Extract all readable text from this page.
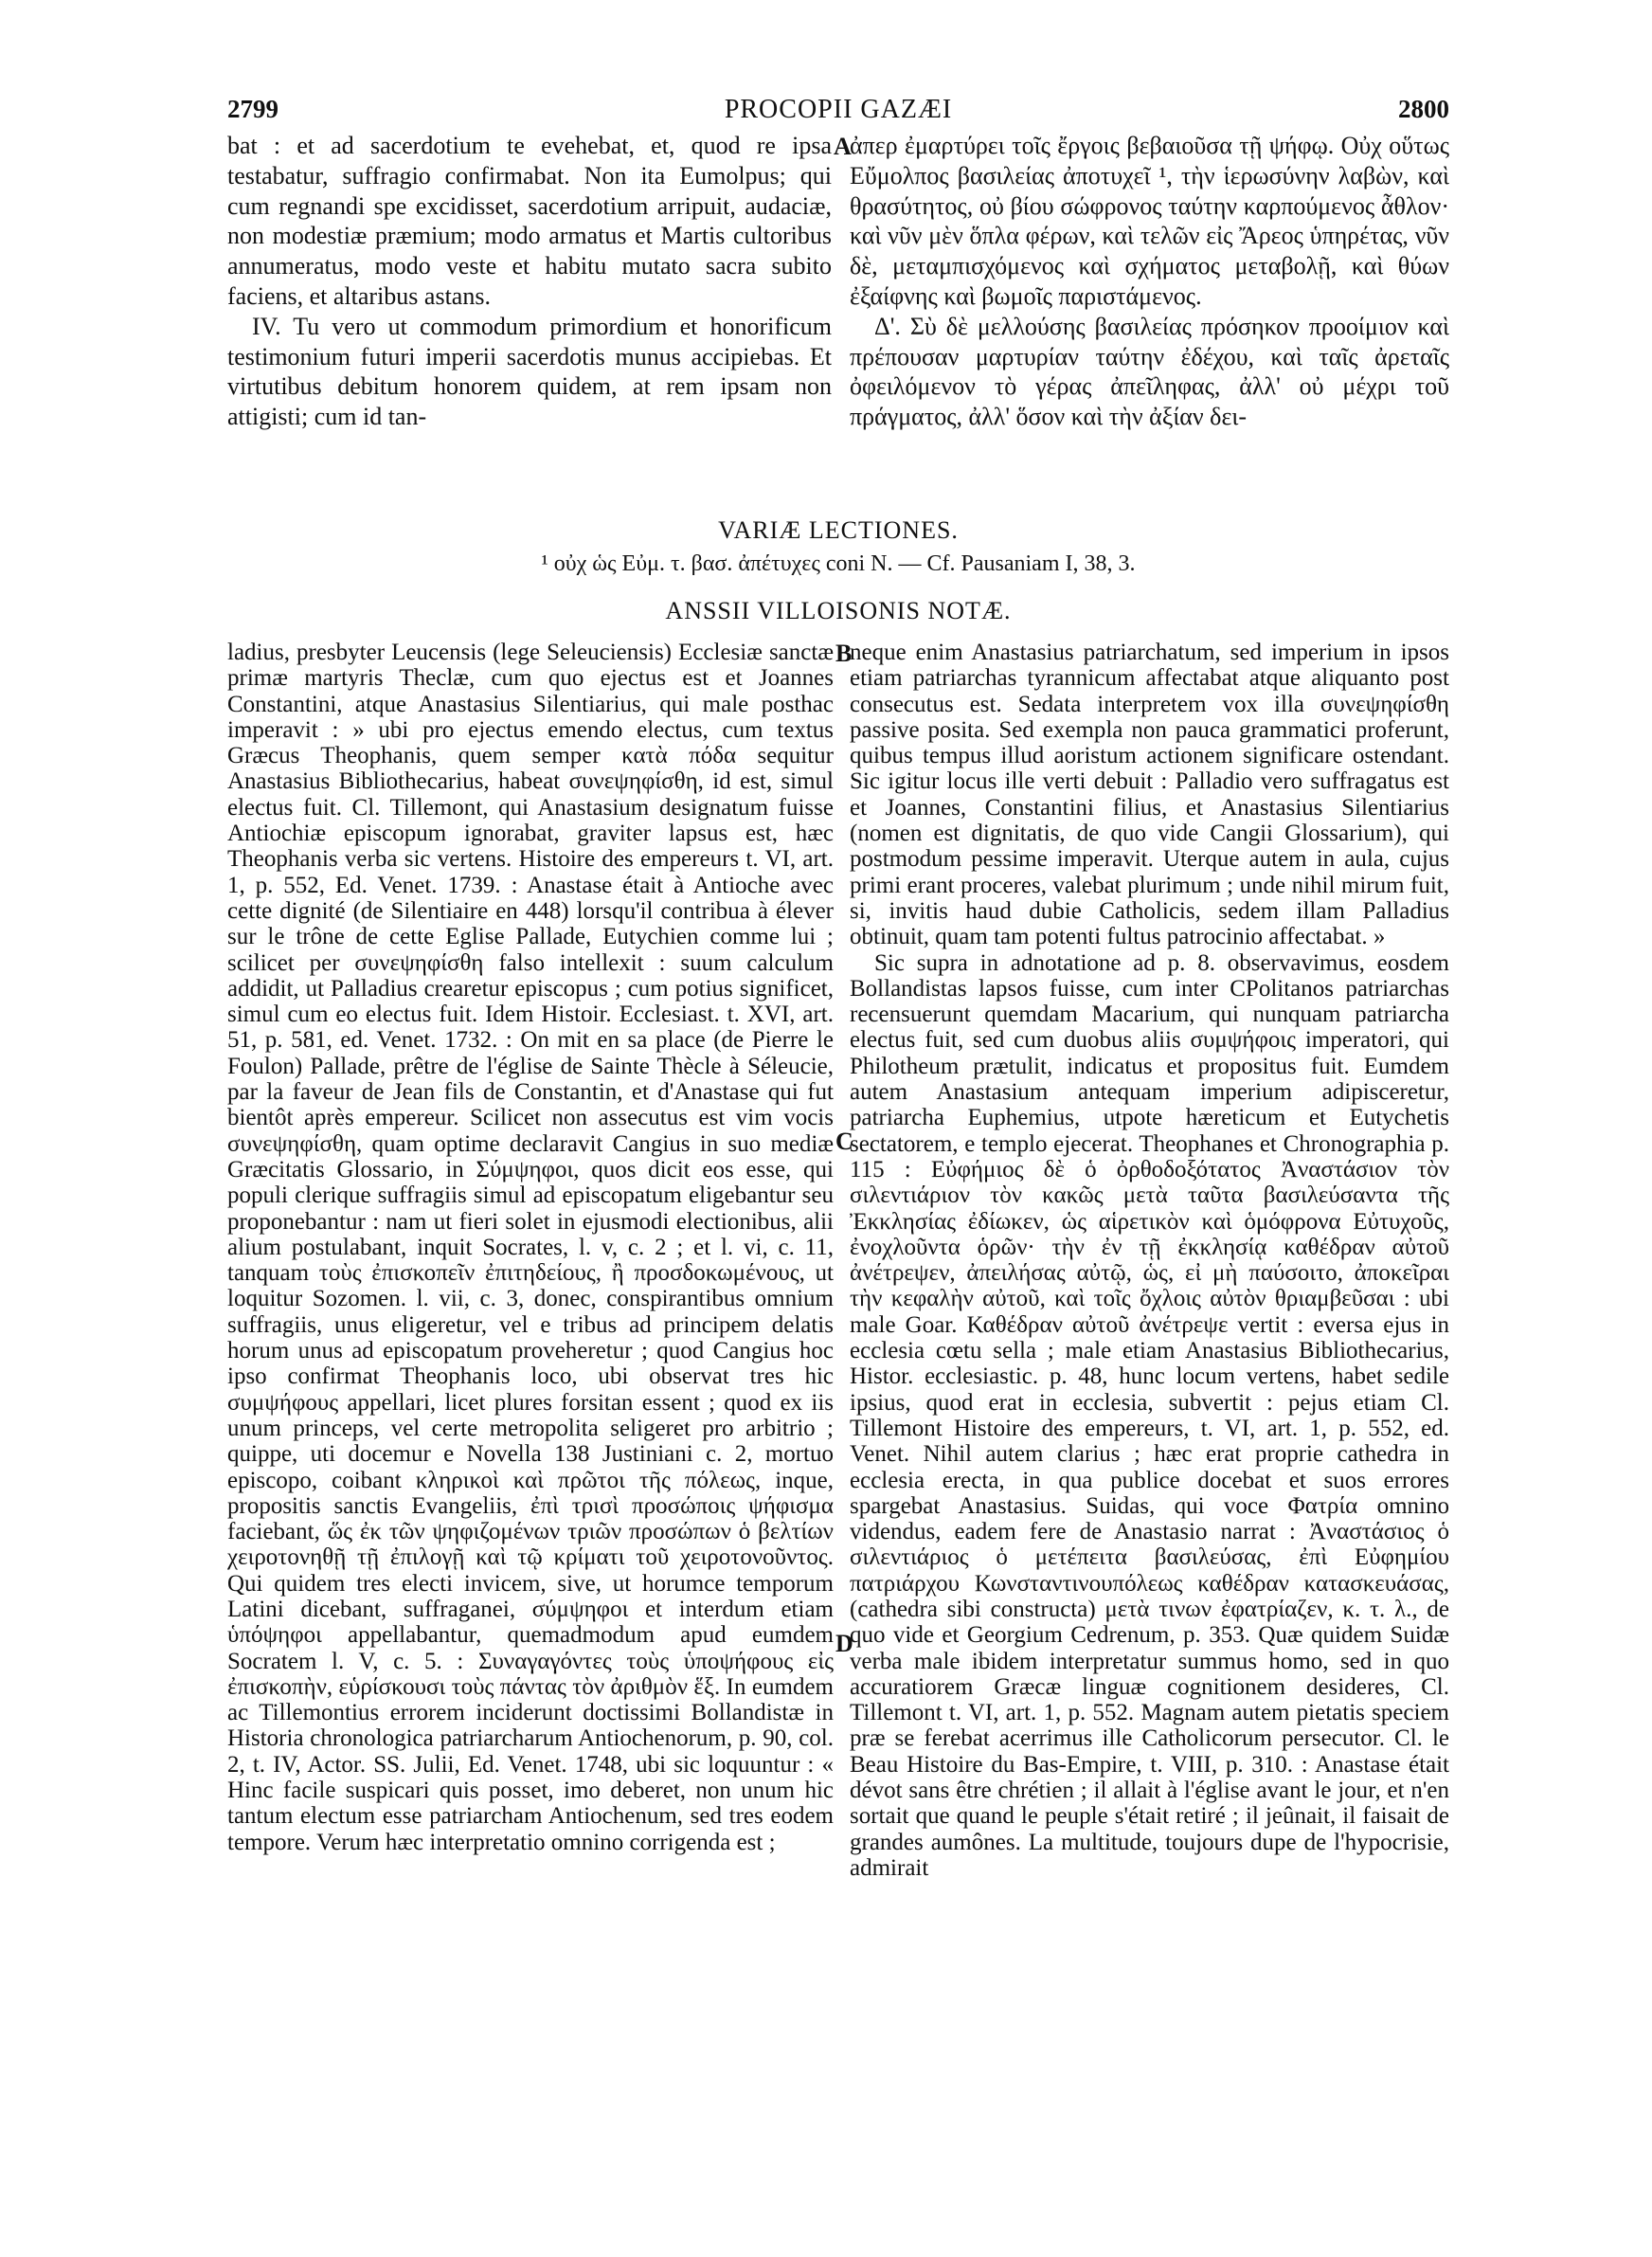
2799	PROCOPII GAZÆI	2800

bat : et ad sacerdotium te evehebat, et, quod re ipsa testabatur, suffragio confirmabat. Non ita Eumolpus; qui cum regnandi spe excidisset, sacerdotium arripuit, audaciæ, non modestiæ præmium; modo armatus et Martis cultoribus annumeratus, modo veste et habitu mutato sacra subito faciens, et altaribus astans.

IV. Tu vero ut commodum primordium et honorificum testimonium futuri imperii sacerdotis munus accipiebas. Et virtutibus debitum honorem quidem, at rem ipsam non attigisti; cum id tan-

ἀπερ ἐμαρτύρει τοῖς ἔργοις βεβαιοῦσα τῇ ψήφῳ. Οὐχ οὕτως Εὔμολπος βασιλείας ἀποτυχεῖ ¹, τὴν ἱερωσύνην λαβὼν, καὶ θρασύτητος, οὐ βίου σώφρονος ταύτην καρπούμενος ἆθλον· καὶ νῦν μὲν ὅπλα φέρων, καὶ τελῶν εἰς Ἄρεος ὑπηρέτας, νῦν δὲ, μεταμπισχόμενος καὶ σχήματος μεταβολῇ, καὶ θύων ἐξαίφνης καὶ βωμοῖς παριστάμενος.

Δ'. Σὺ δὲ μελλούσης βασιλείας πρόσηκον προοίμιον καὶ πρέπουσαν μαρτυρίαν ταύτην ἐδέχου, καὶ ταῖς ἀρεταῖς ὀφειλόμενον τὸ γέρας ἀπεῖληφας, ἀλλ' οὐ μέχρι τοῦ πράγματος, ἀλλ' ὅσον καὶ τὴν ἀξίαν δει-

A
VARIÆ LECTIONES.
¹ οὐχ ὡς Εὐμ. τ. βασ. ἀπέτυχες coni N. — Cf. Pausaniam I, 38, 3.
ANSSII VILLOISONIS NOTÆ.

ladius, presbyter Leucensis (lege Seleuciensis) Ecclesiæ sanctæ primæ martyris Theclæ, cum quo ejectus est et Joannes Constantini, atque Anastasius Silentiarius, qui male posthac imperavit : » ubi pro ejectus emendo electus, cum textus Græcus Theophanis, quem semper κατὰ πόδα sequitur Anastasius Bibliothecarius, habeat συνεψηφίσθη, id est, simul electus fuit. Cl. Tillemont, qui Anastasium designatum fuisse Antiochiæ episcopum ignorabat, graviter lapsus est, hæc Theophanis verba sic vertens. Histoire des empereurs t. VI, art. 1, p. 552, Ed. Venet. 1739. : Anastase était à Antioche avec cette dignité (de Silentiaire en 448) lorsqu'il contribua à élever sur le trône de cette Eglise Pallade, Eutychien comme lui ; scilicet per συνεψηφίσθη falso intellexit : suum calculum addidit, ut Palladius crearetur episcopus ; cum potius significet, simul cum eo electus fuit. Idem Histoir. Ecclesiast. t. XVI, art. 51, p. 581, ed. Venet. 1732. : On mit en sa place (de Pierre le Foulon) Pallade, prêtre de l'église de Sainte Thècle à Séleucie, par la faveur de Jean fils de Constantin, et d'Anastase qui fut bientôt après empereur. Scilicet non assecutus est vim vocis συνεψηφίσθη, quam optime declaravit Cangius in suo mediæ Græcitatis Glossario, in Σύμψηφοι, quos dicit eos esse, qui populi clerique suffragiis simul ad episcopatum eligebantur seu proponebantur : nam ut fieri solet in ejusmodi electionibus, alii alium postulabant, inquit Socrates, l. v, c. 2 ; et l. vi, c. 11, tanquam τοὺς ἐπισκοπεῖν ἐπιτηδείους, ἢ προσδοκωμένους, ut loquitur Sozomen. l. vii, c. 3, donec, conspirantibus omnium suffragiis, unus eligeretur, vel e tribus ad principem delatis horum unus ad episcopatum proveheretur ; quod Cangius hoc ipso confirmat Theophanis loco, ubi observat tres hic συμψήφους appellari, licet plures forsitan essent ; quod ex iis unum princeps, vel certe metropolita seligeret pro arbitrio ; quippe, uti docemur e Novella 138 Justiniani c. 2, mortuo episcopo, coibant κληρικοὶ καὶ πρῶτοι τῆς πόλεως, inque, propositis sanctis Evangeliis, ἐπὶ τρισὶ προσώποις ψήφισμα faciebant, ὥς ἐκ τῶν ψηφιζομένων τριῶν προσώπων ὁ βελτίων χειροτονηθῇ τῇ ἐπιλογῇ καὶ τῷ κρίματι τοῦ χειροτονοῦντος. Qui quidem tres electi invicem, sive, ut horumce temporum Latini dicebant, suffraganei, σύμψηφοι et interdum etiam ὑπόψηφοι appellabantur, quemadmodum apud eumdem Socratem l. V, c. 5. : Συναγαγόντες τοὺς ὑποψήφους εἰς ἐπισκοπὴν, εὑρίσκουσι τοὺς πάντας τὸν ἀριθμὸν ἕξ. In eumdem ac Tillemontius errorem inciderunt doctissimi Bollandistæ in Historia chronologica patriarcharum Antiochenorum, p. 90, col. 2, t. IV, Actor. SS. Julii, Ed. Venet. 1748, ubi sic loquuntur : « Hinc facile suspicari quis posset, imo deberet, non unum hic tantum electum esse patriarcham Antiochenum, sed tres eodem tempore. Verum hæc interpretatio omnino corrigenda est ;

neque enim Anastasius patriarchatum, sed imperium in ipsos etiam patriarchas tyrannicum affectabat atque aliquanto post consecutus est. Sedata interpretem vox illa συνεψηφίσθη passive posita. Sed exempla non pauca grammatici proferunt, quibus tempus illud aoristum actionem significare ostendant. Sic igitur locus ille verti debuit : Palladio vero suffragatus est et Joannes, Constantini filius, et Anastasius Silentiarius (nomen est dignitatis, de quo vide Cangii Glossarium), qui postmodum pessime imperavit. Uterque autem in aula, cujus primi erant proceres, valebat plurimum ; unde nihil mirum fuit, si, invitis haud dubie Catholicis, sedem illam Palladius obtinuit, quam tam potenti fultus patrocinio affectabat. »

Sic supra in adnotatione ad p. 8. observavimus, eosdem Bollandistas lapsos fuisse, cum inter CPolitanos patriarchas recensuerunt quemdam Macarium, qui nunquam patriarcha electus fuit, sed cum duobus aliis συμψήφοις imperatori, qui Philotheum prætulit, indicatus et propositus fuit. Eumdem autem Anastasium antequam imperium adipisceretur, patriarcha Euphemius, utpote hæreticum et Eutychetis sectatorem, e templo ejecerat. Theophanes et Chronographia p. 115 : Εὐφήμιος δὲ ὁ ὀρθοδοξότατος Ἀναστάσιον τὸν σιλεντιάριον τὸν κακῶς μετὰ ταῦτα βασιλεύσαντα τῆς Ἐκκλησίας ἐδίωκεν, ὡς αἱρετικὸν καὶ ὁμόφρονα Εὐτυχοῦς, ἐνοχλοῦντα ὁρῶν· τὴν ἐν τῇ ἐκκλησίᾳ καθέδραν αὐτοῦ ἀνέτρεψεν, ἀπειλήσας αὐτῷ, ὡς, εἰ μὴ παύσοιτο, ἀποκεῖραι τὴν κεφαλὴν αὐτοῦ, καὶ τοῖς ὄχλοις αὐτὸν θριαμβεῦσαι : ubi male Goar. Καθέδραν αὐτοῦ ἀνέτρεψε vertit : eversa ejus in ecclesia cœtu sella ; male etiam Anastasius Bibliothecarius, Histor. ecclesiastic. p. 48, hunc locum vertens, habet sedile ipsius, quod erat in ecclesia, subvertit : pejus etiam Cl. Tillemont Histoire des empereurs, t. VI, art. 1, p. 552, ed. Venet. Nihil autem clarius ; hæc erat proprie cathedra in ecclesia erecta, in qua publice docebat et suos errores spargebat Anastasius. Suidas, qui voce Φατρία omnino videndus, eadem fere de Anastasio narrat : Ἀναστάσιος ὁ σιλεντιάριος ὁ μετέπειτα βασιλεύσας, ἐπὶ Εὐφημίου πατριάρχου Κωνσταντινουπόλεως καθέδραν κατασκευάσας, (cathedra sibi constructa) μετὰ τινων ἐφατρίαζεν, κ. τ. λ., de quo vide et Georgium Cedrenum, p. 353. Quæ quidem Suidæ verba male ibidem interpretatur summus homo, sed in quo accuratiorem Græcæ linguæ cognitionem desideres, Cl. Tillemont t. VI, art. 1, p. 552. Magnam autem pietatis speciem præ se ferebat acerrimus ille Catholicorum persecutor. Cl. le Beau Histoire du Bas-Empire, t. VIII, p. 310. : Anastase était dévot sans être chrétien ; il allait à l'église avant le jour, et n'en sortait que quand le peuple s'était retiré ; il jeûnait, il faisait de grandes aumônes. La multitude, toujours dupe de l'hypocrisie, admirait

B
C
D
